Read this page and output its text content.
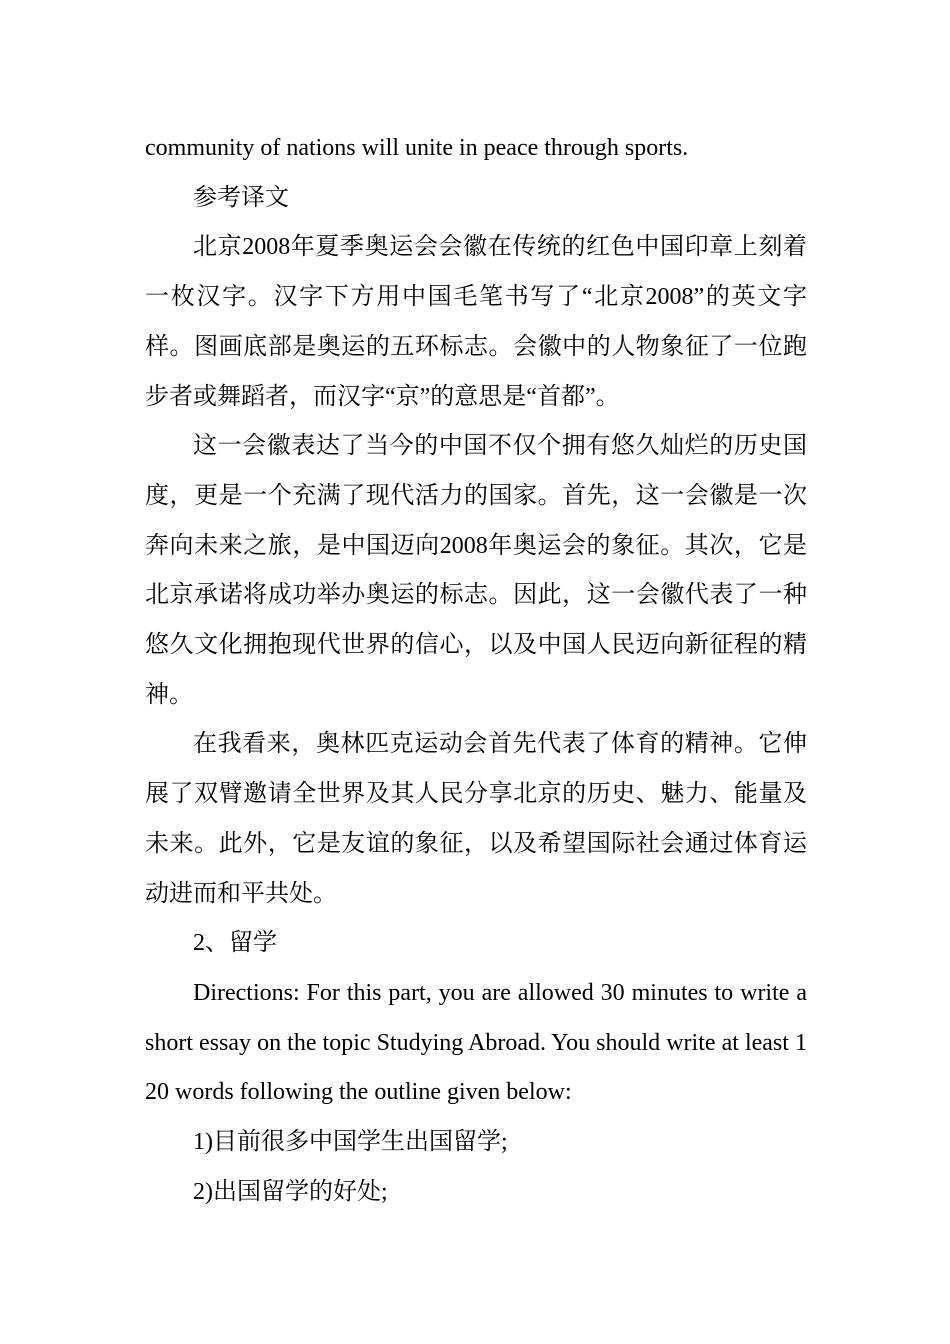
community of nations will unite in peace through sports.

参考译文

北京2008年夏季奥运会会徽在传统的红色中国印章上刻着一枚汉字。汉字下方用中国毛笔书写了“北京2008”的英文字样。图画底部是奥运的五环标志。会徽中的人物象征了一位跑步者或舞蹈者，而汉字“京”的意思是“首都”。

这一会徽表达了当今的中国不仅个拥有悠久灿烂的历史国度，更是一个充满了现代活力的国家。首先，这一会徽是一次奔向未来之旅，是中国迈向2008年奥运会的象征。其次，它是北京承诺将成功举办奥运的标志。因此，这一会徽代表了一种悠久文化拥抱现代世界的信心，以及中国人民迈向新征程的精神。

在我看来，奥林匹克运动会首先代表了体育的精神。它伸展了双臂邀请全世界及其人民分享北京的历史、魅力、能量及未来。此外，它是友谊的象征，以及希望国际社会通过体育运动进而和平共处。

2、留学

Directions: For this part, you are allowed 30 minutes to write a short essay on the topic Studying Abroad. You should write at least 120 words following the outline given below:

1)目前很多中国学生出国留学;

2)出国留学的好处;
